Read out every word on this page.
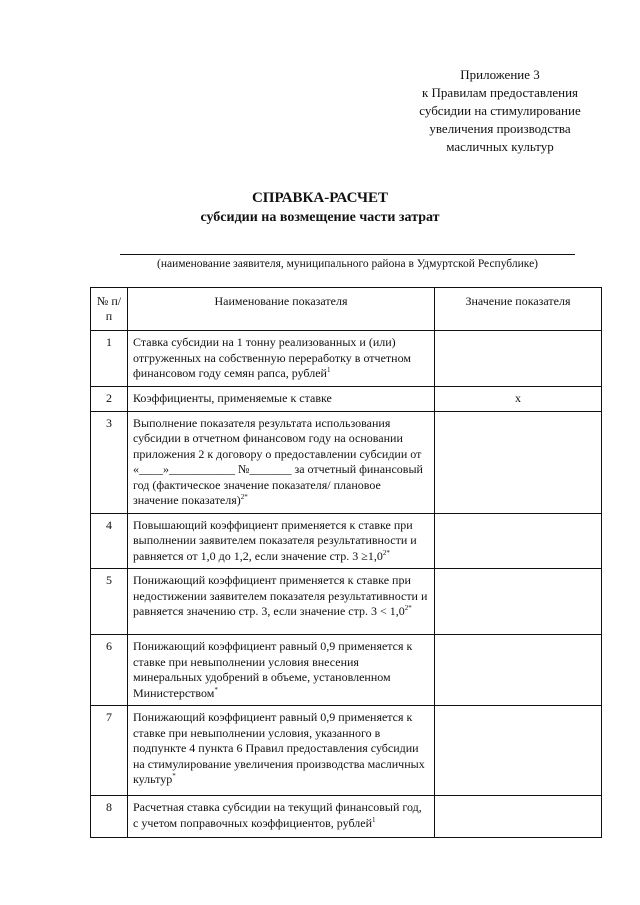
Приложение 3
к Правилам предоставления
субсидии на стимулирование
увеличения производства
масличных культур
СПРАВКА-РАСЧЕТ
субсидии на возмещение части затрат
(наименование заявителя, муниципального района в Удмуртской Республике)
№ п/п	Наименование показателя	Значение показателя
1	Ставка субсидии на 1 тонну реализованных и (или) отгруженных на собственную переработку в отчетном финансовом году семян рапса, рублей$^1$	
2	Коэффициенты, применяемые к ставке	х
3	Выполнение показателя результата использования субсидии в отчетном финансовом году на основании приложения 2 к договору о предоставлении субсидии от «____»___________ №_______ за отчетный финансовый год (фактическое значение показателя/ плановое значение показателя)$^{2*}$	
4	Повышающий коэффициент применяется к ставке при выполнении заявителем показателя результативности и равняется от 1,0 до 1,2, если значение стр. $3 \ge 1,0^{2*}$	
5	Понижающий коэффициент применяется к ставке при недостижении заявителем показателя результативности и равняется значению стр. 3, если значение стр. $3 < 1,0^{2*}$	
6	Понижающий коэффициент равный 0,9 применяется к ставке при невыполнении условия внесения минеральных удобрений в объеме, установленном Министерством*	
7	Понижающий коэффициент равный 0,9 применяется к ставке при невыполнении условия, указанного в подпункте 4 пункта 6 Правил предоставления субсидии на стимулирование увеличения производства масличных культур*	
8	Расчетная ставка субсидии на текущий финансовый год, с учетом поправочных коэффициентов, рублей$^1$	
